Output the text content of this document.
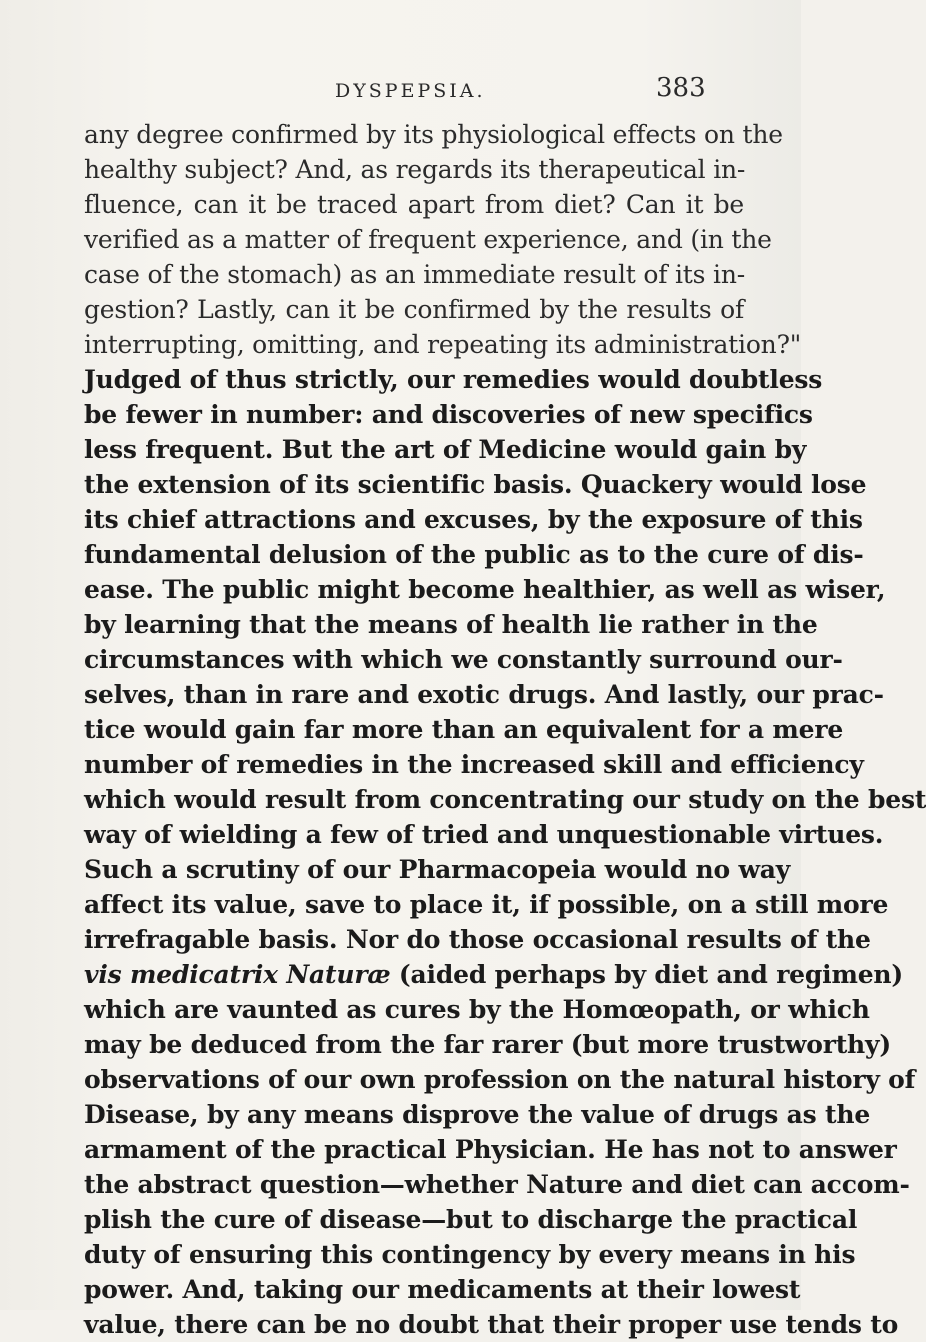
DYSPEPSIA.	383
any degree confirmed by its physiological effects on the
healthy subject? And, as regards its therapeutical in-
fluence, can it be traced apart from diet? Can it be
verified as a matter of frequent experience, and (in the
case of the stomach) as an immediate result of its in-
gestion? Lastly, can it be confirmed by the results of
interrupting, omitting, and repeating its administration?"
Judged of thus strictly, our remedies would doubtless
be fewer in number: and discoveries of new specifics
less frequent. But the art of Medicine would gain by
the extension of its scientific basis. Quackery would lose
its chief attractions and excuses, by the exposure of this
fundamental delusion of the public as to the cure of dis-
ease. The public might become healthier, as well as wiser,
by learning that the means of health lie rather in the
circumstances with which we constantly surround our-
selves, than in rare and exotic drugs. And lastly, our prac-
tice would gain far more than an equivalent for a mere
number of remedies in the increased skill and efficiency
which would result from concentrating our study on the best
way of wielding a few of tried and unquestionable virtues.
Such a scrutiny of our Pharmacopeia would no way
affect its value, save to place it, if possible, on a still more
irrefragable basis. Nor do those occasional results of the
vis medicatrix Naturæ (aided perhaps by diet and regimen)
which are vaunted as cures by the Homœopath, or which
may be deduced from the far rarer (but more trustworthy)
observations of our own profession on the natural history of
Disease, by any means disprove the value of drugs as the
armament of the practical Physician. He has not to answer
the abstract question—whether Nature and diet can accom-
plish the cure of disease—but to discharge the practical
duty of ensuring this contingency by every means in his
power. And, taking our medicaments at their lowest
value, there can be no doubt that their proper use tends to
